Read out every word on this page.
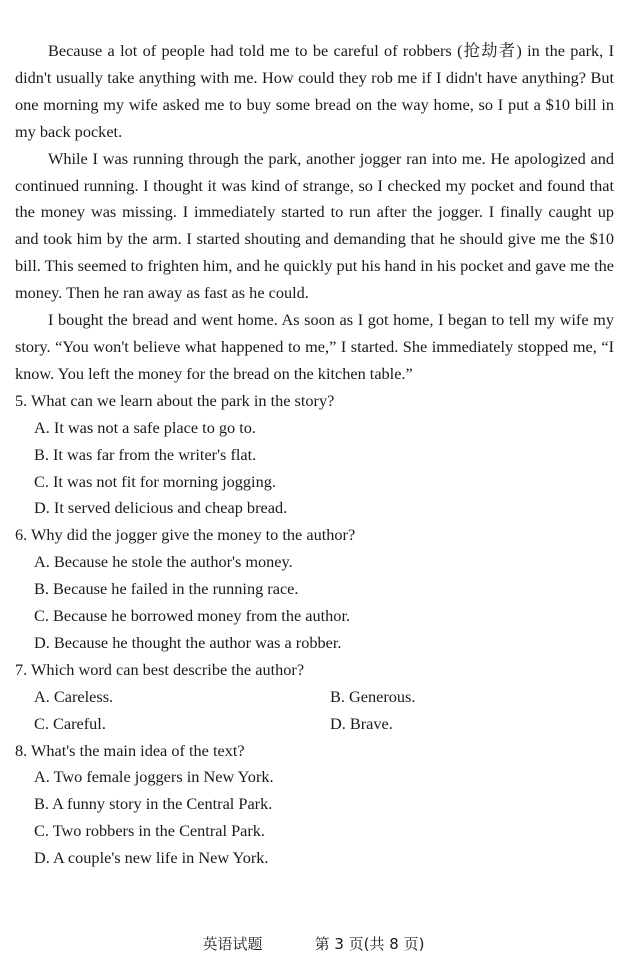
Because a lot of people had told me to be careful of robbers (抢劫者) in the park, I didn't usually take anything with me. How could they rob me if I didn't have anything? But one morning my wife asked me to buy some bread on the way home, so I put a $10 bill in my back pocket.

While I was running through the park, another jogger ran into me. He apologized and continued running. I thought it was kind of strange, so I checked my pocket and found that the money was missing. I immediately started to run after the jogger. I finally caught up and took him by the arm. I started shouting and demanding that he should give me the $10 bill. This seemed to frighten him, and he quickly put his hand in his pocket and gave me the money. Then he ran away as fast as he could.

I bought the bread and went home. As soon as I got home, I began to tell my wife my story. “You won't believe what happened to me,” I started. She immediately stopped me, “I know. You left the money for the bread on the kitchen table.”

5. What can we learn about the park in the story?

A. It was not a safe place to go to.
B. It was far from the writer's flat.
C. It was not fit for morning jogging.
D. It served delicious and cheap bread.

6. Why did the jogger give the money to the author?

A. Because he stole the author's money.
B. Because he failed in the running race.
C. Because he borrowed money from the author.
D. Because he thought the author was a robber.

7. Which word can best describe the author?

A. Careless.	B. Generous.
C. Careful.	D. Brave.

8. What's the main idea of the text?

A. Two female joggers in New York.
B. A funny story in the Central Park.
C. Two robbers in the Central Park.
D. A couple's new life in New York.
英语试题	第 3 页(共 8 页)
